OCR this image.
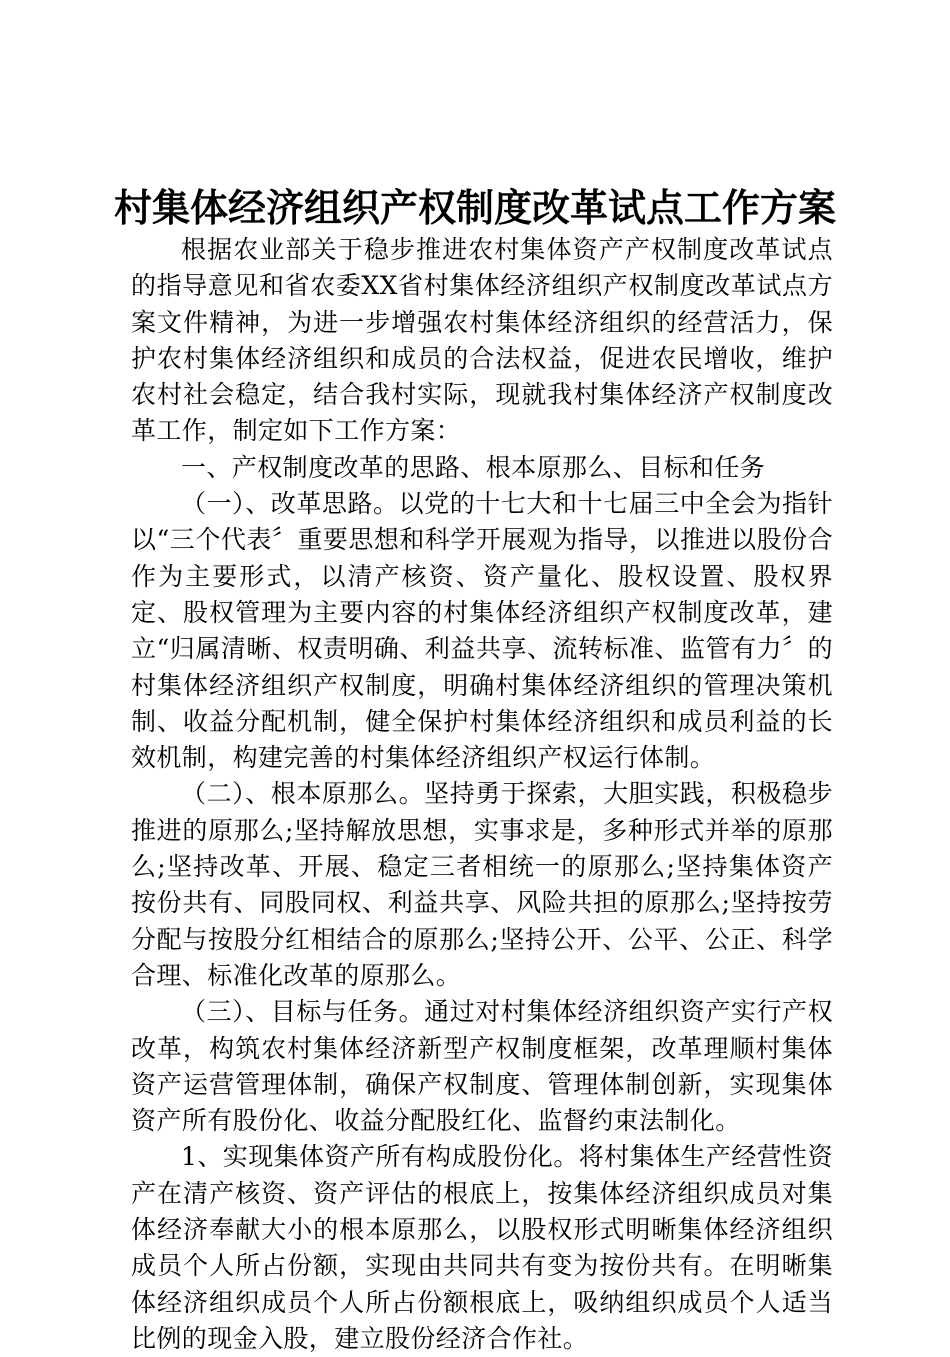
村集体经济组织产权制度改革试点工作方案

根据农业部关于稳步推进农村集体资产产权制度改革试点的指导意见和省农委XX省村集体经济组织产权制度改革试点方案文件精神，为进一步增强农村集体经济组织的经营活力，保护农村集体经济组织和成员的合法权益，促进农民增收，维护农村社会稳定，结合我村实际，现就我村集体经济产权制度改革工作，制定如下工作方案：

一、产权制度改革的思路、根本原那么、目标和任务

（一）、改革思路。以党的十七大和十七届三中全会为指针以“三个代表〞重要思想和科学开展观为指导，以推进以股份合作为主要形式，以清产核资、资产量化、股权设置、股权界定、股权管理为主要内容的村集体经济组织产权制度改革，建立“归属清晰、权责明确、利益共享、流转标准、监管有力〞的村集体经济组织产权制度，明确村集体经济组织的管理决策机制、收益分配机制，健全保护村集体经济组织和成员利益的长效机制，构建完善的村集体经济组织产权运行体制。

（二）、根本原那么。坚持勇于探索，大胆实践，积极稳步推进的原那么;坚持解放思想，实事求是，多种形式并举的原那么;坚持改革、开展、稳定三者相统一的原那么;坚持集体资产按份共有、同股同权、利益共享、风险共担的原那么;坚持按劳分配与按股分红相结合的原那么;坚持公开、公平、公正、科学合理、标准化改革的原那么。

（三）、目标与任务。通过对村集体经济组织资产实行产权改革，构筑农村集体经济新型产权制度框架，改革理顺村集体资产运营管理体制，确保产权制度、管理体制创新，实现集体资产所有股份化、收益分配股红化、监督约束法制化。

1、实现集体资产所有构成股份化。将村集体生产经营性资产在清产核资、资产评估的根底上，按集体经济组织成员对集体经济奉献大小的根本原那么，以股权形式明晰集体经济组织成员个人所占份额，实现由共同共有变为按份共有。在明晰集体经济组织成员个人所占份额根底上，吸纳组织成员个人适当比例的现金入股，建立股份经济合作社。
